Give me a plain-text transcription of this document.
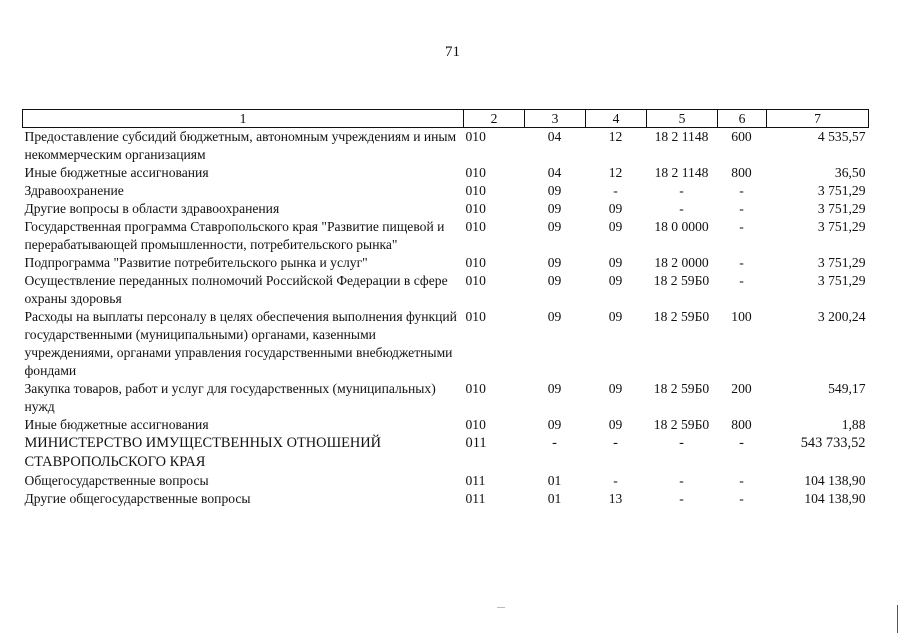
71
1	2	3	4	5	6	7
Предоставление субсидий бюджетным, автономным учреждениям и иным некоммерческим организациям	010	04	12	18 2 1148	600	4 535,57
Иные бюджетные ассигнования	010	04	12	18 2 1148	800	36,50
Здравоохранение	010	09	-	-	-	3 751,29
Другие вопросы в области здравоохранения	010	09	09	-	-	3 751,29
Государственная программа Ставропольского края "Развитие пищевой и перерабатывающей промышленности, потребительского рынка"	010	09	09	18 0 0000	-	3 751,29
Подпрограмма "Развитие потребительского рынка и услуг"	010	09	09	18 2 0000	-	3 751,29
Осуществление переданных полномочий Российской Федерации в сфере охраны здоровья	010	09	09	18 2 59Б0	-	3 751,29
Расходы на выплаты персоналу в целях обеспечения выполнения функций государственными (муниципальными) органами, казенными учреждениями, органами управления государственными внебюджетными фондами	010	09	09	18 2 59Б0	100	3 200,24
Закупка товаров, работ и услуг для государственных (муниципальных) нужд	010	09	09	18 2 59Б0	200	549,17
Иные бюджетные ассигнования	010	09	09	18 2 59Б0	800	1,88
МИНИСТЕРСТВО ИМУЩЕСТВЕННЫХ ОТНОШЕНИЙ СТАВРОПОЛЬСКОГО КРАЯ	011	-	-	-	-	543 733,52
Общегосударственные вопросы	011	01	-	-	-	104 138,90
Другие общегосударственные вопросы	011	01	13	-	-	104 138,90
